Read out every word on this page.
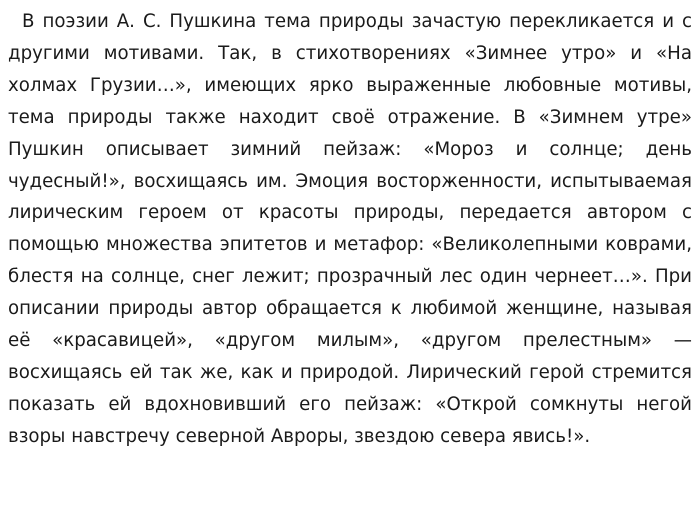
В поэзии А. С. Пушкина тема природы зачастую перекликается и с другими мотивами. Так, в стихотворениях «Зимнее утро» и «На холмах Грузии…», имеющих ярко выраженные любовные мотивы, тема природы также находит своё отражение. В «Зимнем утре» Пушкин описывает зимний пейзаж: «Мороз и солнце; день чудесный!», восхищаясь им. Эмоция восторженности, испытываемая лирическим героем от красоты природы, передается автором с помощью множества эпитетов и метафор: «Великолепными коврами, блестя на солнце, снег лежит; прозрачный лес один чернеет…». При описании природы автор обращается к любимой женщине, называя её «красавицей», «другом милым», «другом прелестным» — восхищаясь ей так же, как и природой. Лирический герой стремится показать ей вдохновивший его пейзаж: «Открой сомкнуты негой взоры навстречу северной Авроры, звездою севера явись!».
